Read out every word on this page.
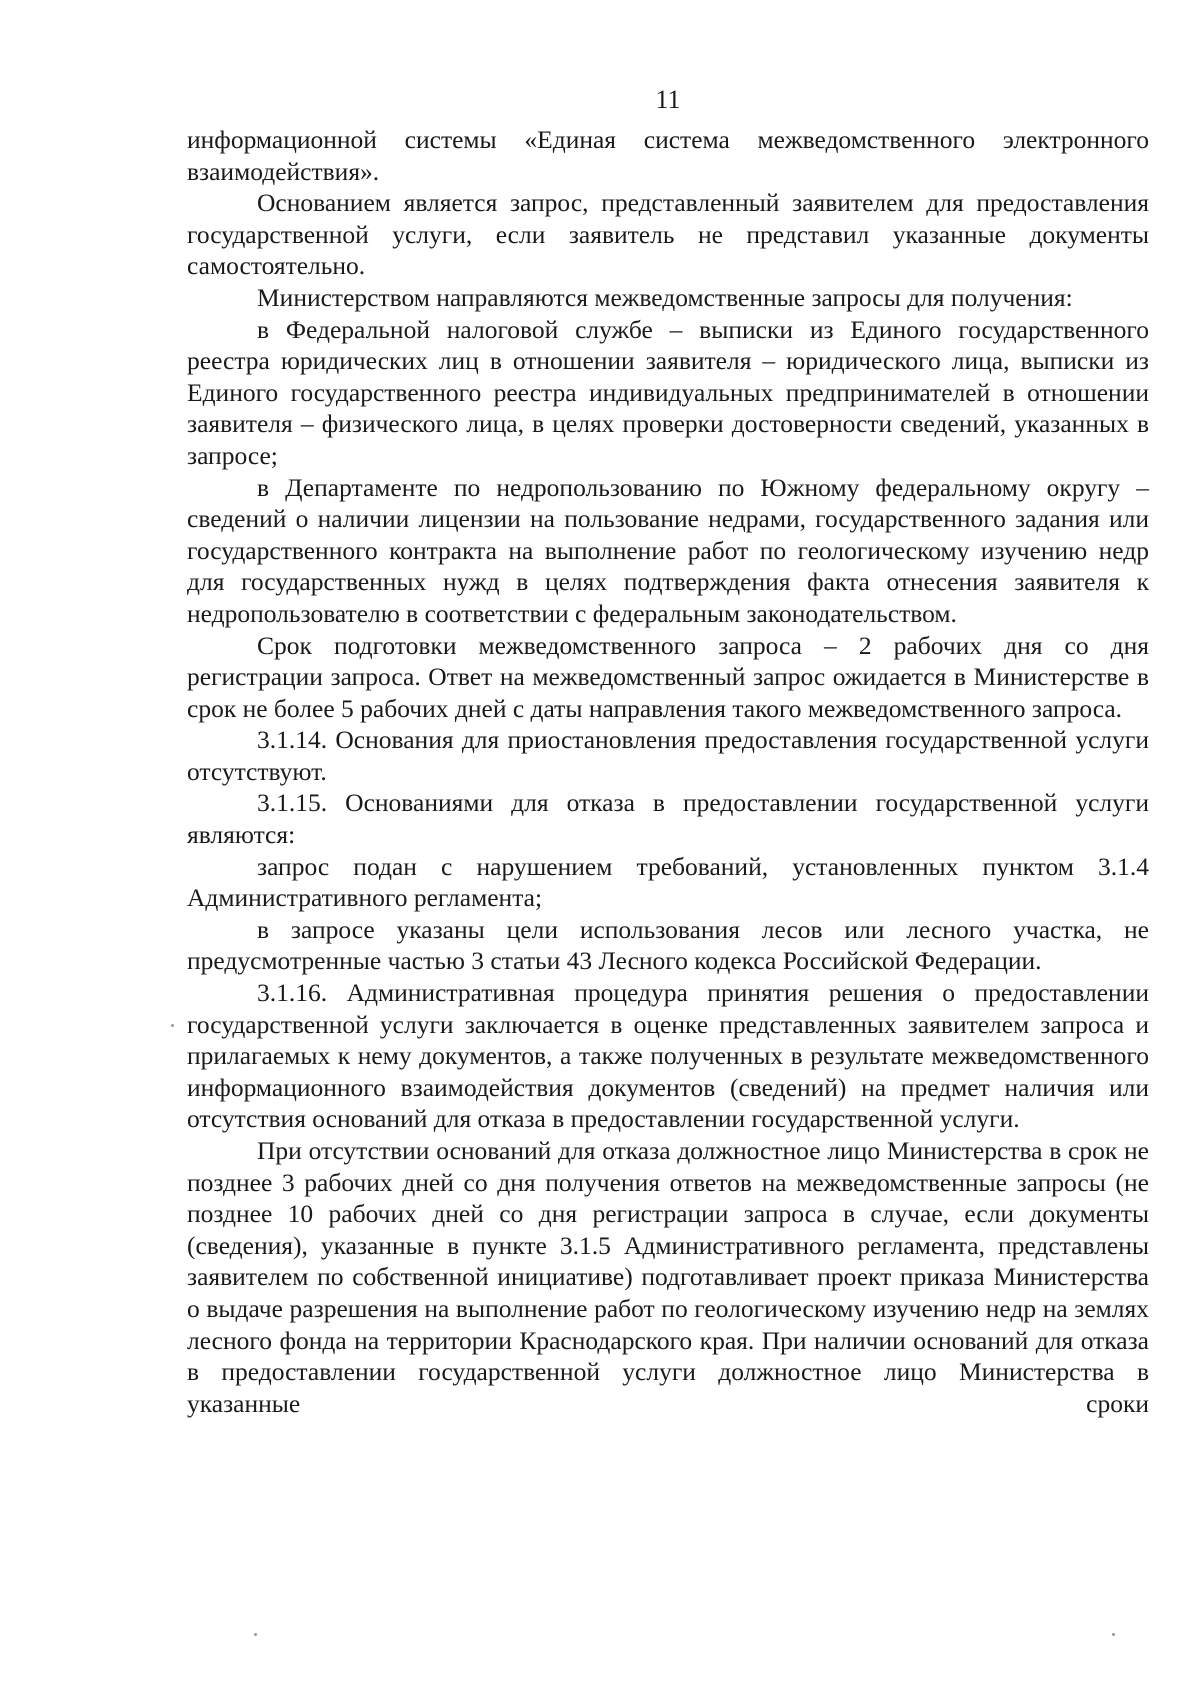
11

информационной системы «Единая система межведомственного электронного взаимодействия».

Основанием является запрос, представленный заявителем для предоставления государственной услуги, если заявитель не представил указанные документы самостоятельно.

Министерством направляются межведомственные запросы для получения:

в Федеральной налоговой службе – выписки из Единого государственного реестра юридических лиц в отношении заявителя – юридического лица, выписки из Единого государственного реестра индивидуальных предпринимателей в отношении заявителя – физического лица, в целях проверки достоверности сведений, указанных в запросе;

в Департаменте по недропользованию по Южному федеральному округу – сведений о наличии лицензии на пользование недрами, государственного задания или государственного контракта на выполнение работ по геологическому изучению недр для государственных нужд в целях подтверждения факта отнесения заявителя к недропользователю в соответствии с федеральным законодательством.

Срок подготовки межведомственного запроса – 2 рабочих дня со дня регистрации запроса. Ответ на межведомственный запрос ожидается в Министерстве в срок не более 5 рабочих дней с даты направления такого межведомственного запроса.

3.1.14. Основания для приостановления предоставления государственной услуги отсутствуют.

3.1.15. Основаниями для отказа в предоставлении государственной услуги являются:

запрос подан с нарушением требований, установленных пунктом 3.1.4 Административного регламента;

в запросе указаны цели использования лесов или лесного участка, не предусмотренные частью 3 статьи 43 Лесного кодекса Российской Федерации.

3.1.16. Административная процедура принятия решения о предоставлении государственной услуги заключается в оценке представленных заявителем запроса и прилагаемых к нему документов, а также полученных в результате межведомственного информационного взаимодействия документов (сведений) на предмет наличия или отсутствия оснований для отказа в предоставлении государственной услуги.

При отсутствии оснований для отказа должностное лицо Министерства в срок не позднее 3 рабочих дней со дня получения ответов на межведомственные запросы (не позднее 10 рабочих дней со дня регистрации запроса в случае, если документы (сведения), указанные в пункте 3.1.5 Административного регламента, представлены заявителем по собственной инициативе) подготавливает проект приказа Министерства о выдаче разрешения на выполнение работ по геологическому изучению недр на землях лесного фонда на территории Краснодарского края. При наличии оснований для отказа в предоставлении государственной услуги должностное лицо Министерства в указанные сроки
